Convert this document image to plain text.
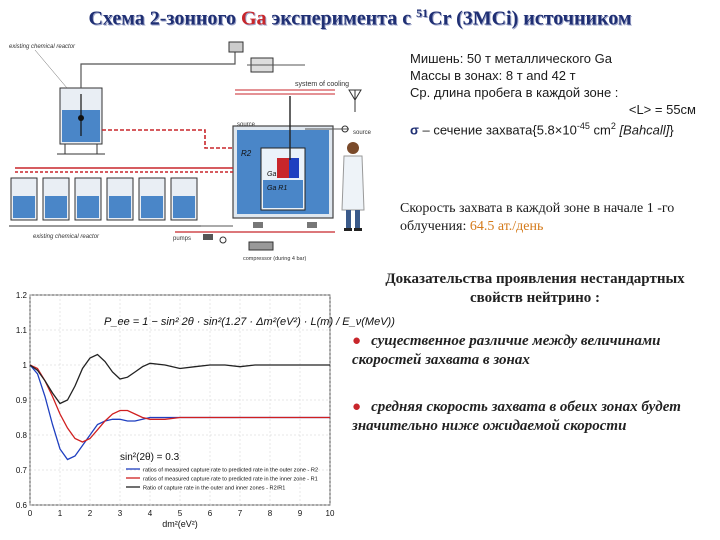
Схема 2-зонного Ga эксперимента с $^{51}$Cr (3MCi) источником
existing chemical reactor
system of cooling
R2
Ga
Ga R1
source
source
existing chemical reactor	pumps
compressor (during 4 bar)
Мишень: 50 т металлического Ga
Массы в зонах: 8 т and 42 т
Ср. длина пробега в каждой зоне :
<L> = 55см
σ – сечение $захвата\{5.8\times 10^{-45}$ $cm^2$ [Bahcall]}
Скорость захвата в каждой зоне в начале 1 -го облучения: 64.5 ат./день
Доказательства проявления нестандартных свойств нейтрино :
● существенное различие между величинами скоростей захвата в зонах
● средняя скорость захвата в обеих зонах будет значительно ниже ожидаемой скорости
1.2
1.1
1
0.9
0.8
0.7
0.6
0	1	2	3	4	5	6	7	8	9	10
P_ee = 1 − sin² 2θ · sin²(1.27 · Δm²(eV²) · L(m) / E_ν(MeV))
sin²(2θ) = 0.3
ratios of measured capture rate to predicted rate in the outer zone - R2
ratios of measured capture rate to predicted rate in the inner zone - R1
Ratio of capture rate in the outer and inner zones - R2/R1
dm²(eV²)
